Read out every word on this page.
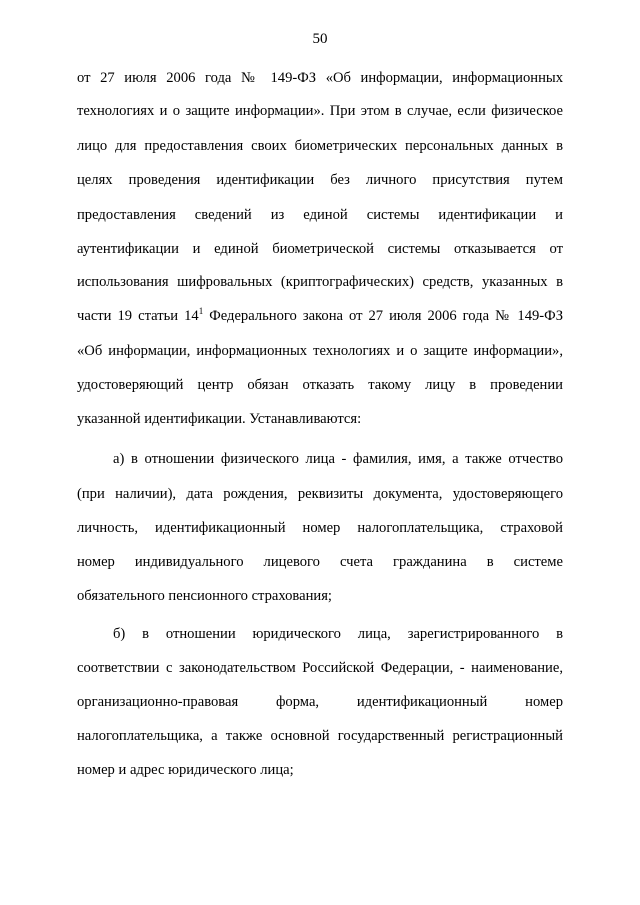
50
от 27 июля 2006 года № 149-ФЗ «Об информации, информационных
технологиях и о защите информации». При этом в случае, если физическое
лицо для предоставления своих биометрических персональных данных в
целях проведения идентификации без личного присутствия путем
предоставления сведений из единой системы идентификации и
аутентификации и единой биометрической системы отказывается от
использования шифровальных (криптографических) средств, указанных в
части 19 статьи $14^1$ Федерального закона от 27 июля 2006 года № 149-ФЗ
«Об информации, информационных технологиях и о защите информации»,
удостоверяющий центр обязан отказать такому лицу в проведении
указанной идентификации. Устанавливаются:
а) в отношении физического лица - фамилия, имя, а также отчество
(при наличии), дата рождения, реквизиты документа, удостоверяющего
личность, идентификационный номер налогоплательщика, страховой
номер индивидуального лицевого счета гражданина в системе
обязательного пенсионного страхования;
б) в отношении юридического лица, зарегистрированного в
соответствии с законодательством Российской Федерации, - наименование,
организационно-правовая форма, идентификационный номер
налогоплательщика, а также основной государственный регистрационный
номер и адрес юридического лица;
